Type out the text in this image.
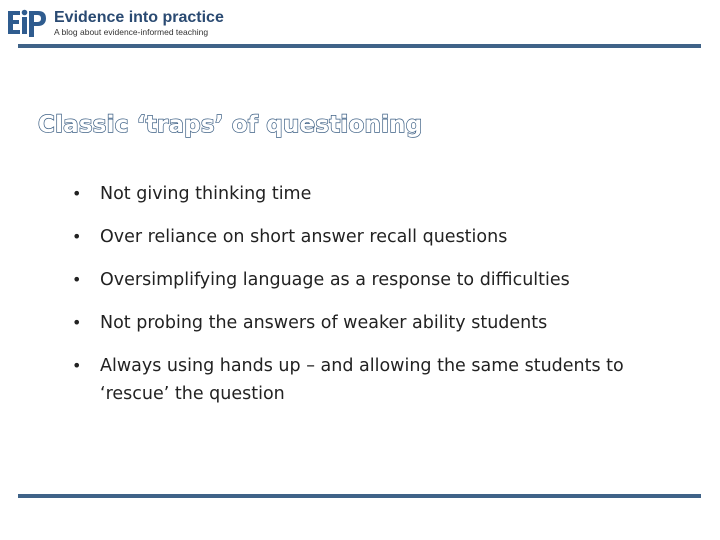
Evidence into practice
A blog about evidence-informed teaching
Classic ‘traps’ of questioning
•	Not giving thinking time
•	Over reliance on short answer recall questions
•	Oversimplifying language as a response to difficulties
•	Not probing the answers of weaker ability students
•	Always using hands up – and allowing the same students to ‘rescue’ the question
